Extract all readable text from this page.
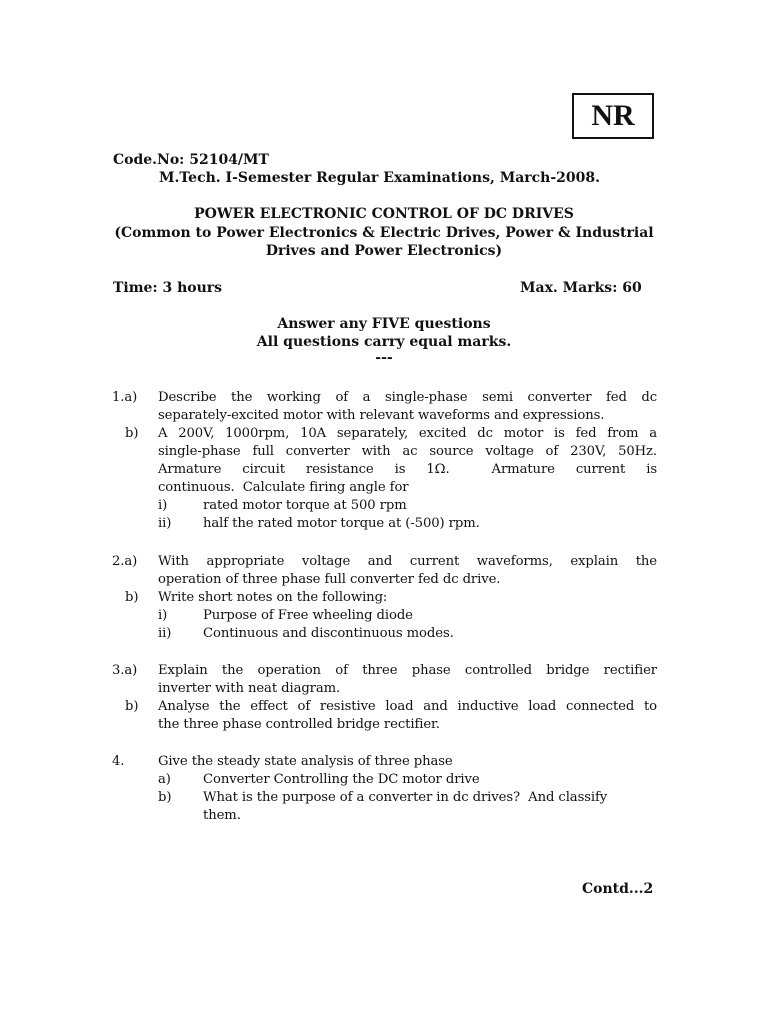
NR
Code.No: 52104/MT
M.Tech. I-Semester Regular Examinations, March-2008.
POWER ELECTRONIC CONTROL OF DC DRIVES
(Common to Power Electronics & Electric Drives, Power & Industrial
Drives and Power Electronics)
Time: 3 hours	Max. Marks: 60
Answer any FIVE questions
All questions carry equal marks.
---
1.a) Describe the working of a single-phase semi converter fed dc
separately-excited motor with relevant waveforms and expressions.
b) A 200V, 1000rpm, 10A separately, excited dc motor is fed from a
single-phase full converter with ac source voltage of 230V, 50Hz.
Armature  circuit  resistance  is  1Ω.    Armature  current  is
continuous.  Calculate firing angle for
i)	rated motor torque at 500 rpm
ii) half the rated motor torque at (-500) rpm.
2.a) With  appropriate  voltage  and  current  waveforms,  explain  the
operation of three phase full converter fed dc drive.
b) Write short notes on the following:
i)	Purpose of Free wheeling diode
ii) Continuous and discontinuous modes.
3.a) Explain the operation of three phase controlled bridge rectifier
inverter with neat diagram.
b) Analyse the effect of resistive load and inductive load connected to
the three phase controlled bridge rectifier.
4.	Give the steady state analysis of three phase
a) Converter Controlling the DC motor drive
b) What is the purpose of a converter in dc drives?  And classify
them.
Contd...2
